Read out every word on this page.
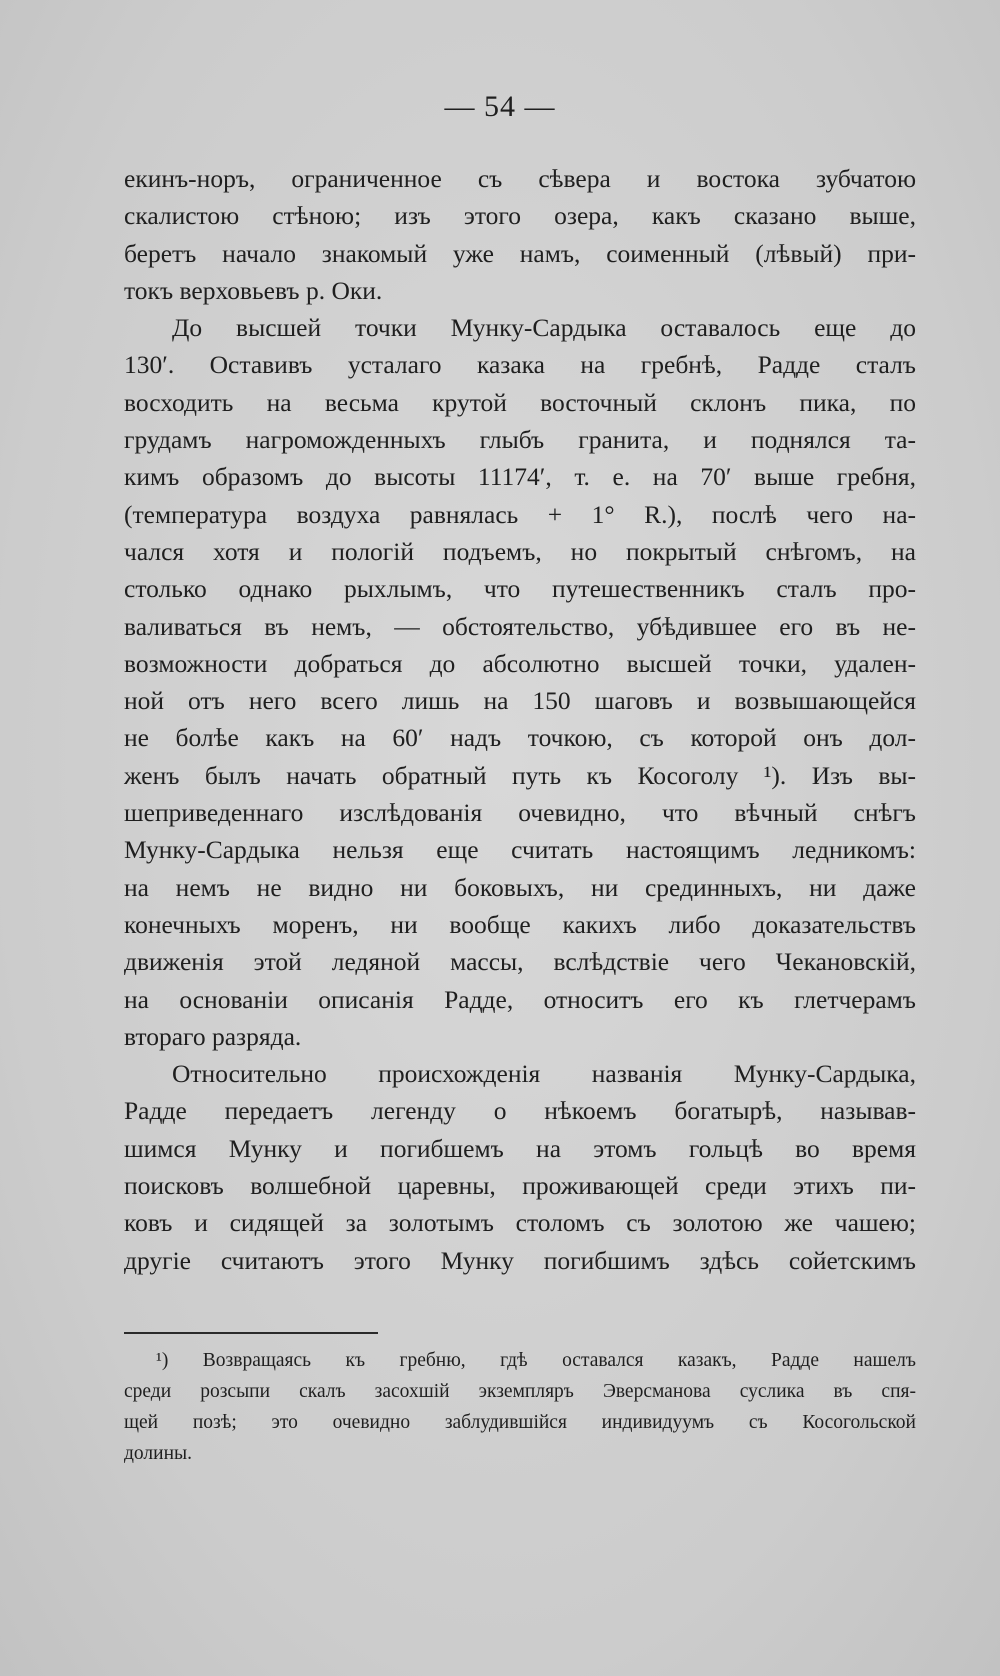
— 54 —
екинъ-норъ, ограниченное съ сѣвера и востока зубчатою
скалистою стѣною; изъ этого озера, какъ сказано выше,
беретъ начало знакомый уже намъ, соименный (лѣвый) при-
токъ верховьевъ р. Оки.
До высшей точки Мунку-Сардыка оставалось еще до
130′. Оставивъ усталаго казака на гребнѣ, Радде сталъ
восходить на весьма крутой восточный склонъ пика, по
грудамъ нагроможденныхъ глыбъ гранита, и поднялся та-
кимъ образомъ до высоты 11174′, т. е. на 70′ выше гребня,
(температура воздуха равнялась + 1° R.), послѣ чего на-
чался хотя и пологій подъемъ, но покрытый снѣгомъ, на
столько однако рыхлымъ, что путешественникъ сталъ про-
валиваться въ немъ, — обстоятельство, убѣдившее его въ не-
возможности добраться до абсолютно высшей точки, удален-
ной отъ него всего лишь на 150 шаговъ и возвышающейся
не болѣе какъ на 60′ надъ точкою, съ которой онъ дол-
женъ былъ начать обратный путь къ Косоголу ¹). Изъ вы-
шеприведеннаго изслѣдованія очевидно, что вѣчный снѣгъ
Мунку-Сардыка нельзя еще считать настоящимъ ледникомъ:
на немъ не видно ни боковыхъ, ни срединныхъ, ни даже
конечныхъ моренъ, ни вообще какихъ либо доказательствъ
движенія этой ледяной массы, вслѣдствіе чего Чекановскій,
на основаніи описанія Радде, относитъ его къ глетчерамъ
втораго разряда.
Относительно происхожденія названія Мунку-Сардыка,
Радде передаетъ легенду о нѣкоемъ богатырѣ, называв-
шимся Мунку и погибшемъ на этомъ гольцѣ во время
поисковъ волшебной царевны, проживающей среди этихъ пи-
ковъ и сидящей за золотымъ столомъ съ золотою же чашею;
другіе считаютъ этого Мунку погибшимъ здѣсь сойетскимъ
¹) Возвращаясь къ гребню, гдѣ оставался казакъ, Радде нашелъ
среди розсыпи скалъ засохшій экземпляръ Эверсманова суслика въ спя-
щей позѣ; это очевидно заблудившійся индивидуумъ съ Косогольской
долины.
